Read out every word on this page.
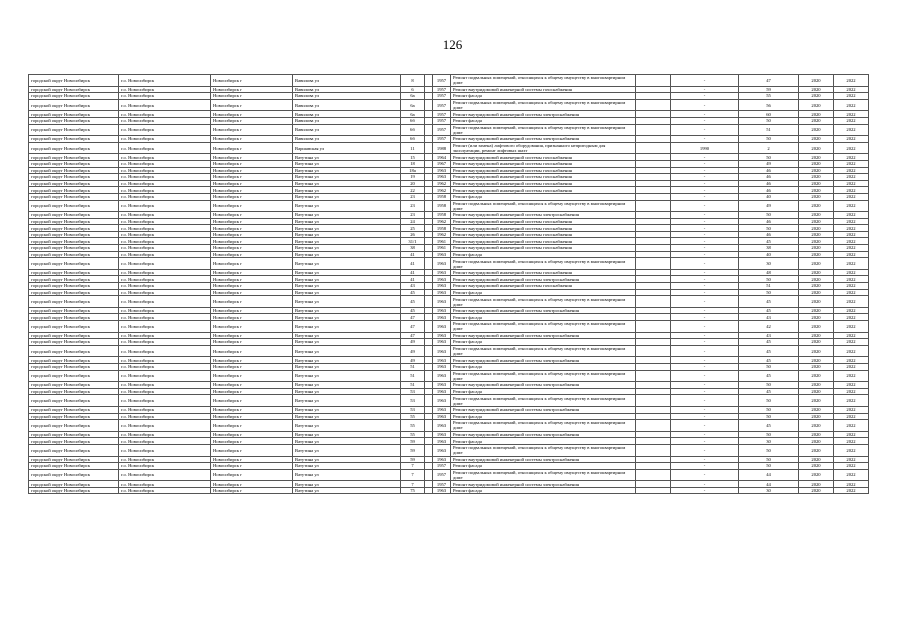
126
городской округ Новосибирск	г.о. Новосибирск	Новосибирск г	Вавилова ул	8		1957	Ремонт подвальных помещений, относящихся к общему имуществу в многоквартирном доме		-	47	2020	2022
городской округ Новосибирск	г.о. Новосибирск	Новосибирск г	Вавилова ул	6		1957	Ремонт внутридомовой инженерной системы газоснабжения		-	59	2020	2022
городской округ Новосибирск	г.о. Новосибирск	Новосибирск г	Вавилова ул	6а		1957	Ремонт фасада		-	55	2020	2022
городской округ Новосибирск	г.о. Новосибирск	Новосибирск г	Вавилова ул	6а		1957	Ремонт подвальных помещений, относящихся к общему имуществу в многоквартирном доме		-	56	2020	2022
городской округ Новосибирск	г.о. Новосибирск	Новосибирск г	Вавилова ул	6а		1957	Ремонт внутридомовой инженерной системы электроснабжения		-	60	2020	2022
городской округ Новосибирск	г.о. Новосибирск	Новосибирск г	Вавилова ул	6б		1957	Ремонт фасада		-	50	2020	2022
городской округ Новосибирск	г.о. Новосибирск	Новосибирск г	Вавилова ул	6б		1957	Ремонт подвальных помещений, относящихся к общему имуществу в многоквартирном доме		-	51	2020	2022
городской округ Новосибирск	г.о. Новосибирск	Новосибирск г	Вавилова ул	6б		1957	Ремонт внутридомовой инженерной системы электроснабжения		-	50	2020	2022
городской округ Новосибирск	г.о. Новосибирск	Новосибирск г	Варшавская ул	11		1988	Ремонт (или замена) лифтового оборудования, признанного непригодным для эксплуатации, ремонт лифтовых шахт		1990	2	2020	2022
городской округ Новосибирск	г.о. Новосибирск	Новосибирск г	Ватутина ул	15		1964	Ремонт внутридомовой инженерной системы газоснабжения		-	50	2020	2022
городской округ Новосибирск	г.о. Новосибирск	Новосибирск г	Ватутина ул	18		1967	Ремонт внутридомовой инженерной системы газоснабжения		-	49	2020	2022
городской округ Новосибирск	г.о. Новосибирск	Новосибирск г	Ватутина ул	18а		1963	Ремонт внутридомовой инженерной системы газоснабжения		-	46	2020	2022
городской округ Новосибирск	г.о. Новосибирск	Новосибирск г	Ватутина ул	19		1963	Ремонт внутридомовой инженерной системы газоснабжения		-	46	2020	2022
городской округ Новосибирск	г.о. Новосибирск	Новосибирск г	Ватутина ул	20		1962	Ремонт внутридомовой инженерной системы газоснабжения		-	46	2020	2022
городской округ Новосибирск	г.о. Новосибирск	Новосибирск г	Ватутина ул	22		1962	Ремонт внутридомовой инженерной системы газоснабжения		-	46	2020	2022
городской округ Новосибирск	г.о. Новосибирск	Новосибирск г	Ватутина ул	23		1958	Ремонт фасада		-	40	2020	2022
городской округ Новосибирск	г.о. Новосибирск	Новосибирск г	Ватутина ул	23		1958	Ремонт подвальных помещений, относящихся к общему имуществу в многоквартирном доме		-	49	2020	2022
городской округ Новосибирск	г.о. Новосибирск	Новосибирск г	Ватутина ул	23		1958	Ремонт внутридомовой инженерной системы электроснабжения		-	50	2020	2022
городской округ Новосибирск	г.о. Новосибирск	Новосибирск г	Ватутина ул	24		1962	Ремонт внутридомовой инженерной системы газоснабжения		-	46	2020	2022
городской округ Новосибирск	г.о. Новосибирск	Новосибирск г	Ватутина ул	25		1958	Ремонт внутридомовой инженерной системы газоснабжения		-	50	2020	2022
городской округ Новосибирск	г.о. Новосибирск	Новосибирск г	Ватутина ул	26		1962	Ремонт внутридомовой инженерной системы газоснабжения		-	46	2020	2022
городской округ Новосибирск	г.о. Новосибирск	Новосибирск г	Ватутина ул	31/1		1961	Ремонт внутридомовой инженерной системы газоснабжения		-	45	2020	2022
городской округ Новосибирск	г.о. Новосибирск	Новосибирск г	Ватутина ул	38		1961	Ремонт внутридомовой инженерной системы газоснабжения		-	38	2020	2022
городской округ Новосибирск	г.о. Новосибирск	Новосибирск г	Ватутина ул	41		1963	Ремонт фасада		-	40	2020	2022
городской округ Новосибирск	г.о. Новосибирск	Новосибирск г	Ватутина ул	41		1963	Ремонт подвальных помещений, относящихся к общему имуществу в многоквартирном доме		-	30	2020	2022
городской округ Новосибирск	г.о. Новосибирск	Новосибирск г	Ватутина ул	41		1963	Ремонт внутридомовой инженерной системы газоснабжения		-	48	2020	2022
городской округ Новосибирск	г.о. Новосибирск	Новосибирск г	Ватутина ул	41		1963	Ремонт внутридомовой инженерной системы электроснабжения		-	50	2020	2022
городской округ Новосибирск	г.о. Новосибирск	Новосибирск г	Ватутина ул	43		1963	Ремонт внутридомовой инженерной системы газоснабжения		-	51	2020	2022
городской округ Новосибирск	г.о. Новосибирск	Новосибирск г	Ватутина ул	45		1963	Ремонт фасада		-	50	2020	2022
городской округ Новосибирск	г.о. Новосибирск	Новосибирск г	Ватутина ул	45		1963	Ремонт подвальных помещений, относящихся к общему имуществу в многоквартирном доме		-	45	2020	2022
городской округ Новосибирск	г.о. Новосибирск	Новосибирск г	Ватутина ул	45		1963	Ремонт внутридомовой инженерной системы электроснабжения		-	45	2020	2022
городской округ Новосибирск	г.о. Новосибирск	Новосибирск г	Ватутина ул	47		1963	Ремонт фасада		-	43	2020	2022
городской округ Новосибирск	г.о. Новосибирск	Новосибирск г	Ватутина ул	47		1963	Ремонт подвальных помещений, относящихся к общему имуществу в многоквартирном доме		-	42	2020	2022
городской округ Новосибирск	г.о. Новосибирск	Новосибирск г	Ватутина ул	47		1963	Ремонт внутридомовой инженерной системы электроснабжения		-	43	2020	2022
городской округ Новосибирск	г.о. Новосибирск	Новосибирск г	Ватутина ул	49		1963	Ремонт фасада		-	45	2020	2022
городской округ Новосибирск	г.о. Новосибирск	Новосибирск г	Ватутина ул	49		1963	Ремонт подвальных помещений, относящихся к общему имуществу в многоквартирном доме		-	45	2020	2022
городской округ Новосибирск	г.о. Новосибирск	Новосибирск г	Ватутина ул	49		1963	Ремонт внутридомовой инженерной системы электроснабжения		-	45	2020	2022
городской округ Новосибирск	г.о. Новосибирск	Новосибирск г	Ватутина ул	51		1963	Ремонт фасада		-	50	2020	2022
городской округ Новосибирск	г.о. Новосибирск	Новосибирск г	Ватутина ул	51		1963	Ремонт подвальных помещений, относящихся к общему имуществу в многоквартирном доме		-	45	2020	2022
городской округ Новосибирск	г.о. Новосибирск	Новосибирск г	Ватутина ул	51		1963	Ремонт внутридомовой инженерной системы электроснабжения		-	50	2020	2022
городской округ Новосибирск	г.о. Новосибирск	Новосибирск г	Ватутина ул	53		1963	Ремонт фасада		-	45	2020	2022
городской округ Новосибирск	г.о. Новосибирск	Новосибирск г	Ватутина ул	53		1963	Ремонт подвальных помещений, относящихся к общему имуществу в многоквартирном доме		-	50	2020	2022
городской округ Новосибирск	г.о. Новосибирск	Новосибирск г	Ватутина ул	53		1963	Ремонт внутридомовой инженерной системы электроснабжения		-	50	2020	2022
городской округ Новосибирск	г.о. Новосибирск	Новосибирск г	Ватутина ул	55		1963	Ремонт фасада		-	50	2020	2022
городской округ Новосибирск	г.о. Новосибирск	Новосибирск г	Ватутина ул	55		1963	Ремонт подвальных помещений, относящихся к общему имуществу в многоквартирном доме		-	45	2020	2022
городской округ Новосибирск	г.о. Новосибирск	Новосибирск г	Ватутина ул	55		1963	Ремонт внутридомовой инженерной системы электроснабжения		-	50	2020	2022
городской округ Новосибирск	г.о. Новосибирск	Новосибирск г	Ватутина ул	59		1963	Ремонт фасада		-	30	2020	2022
городской округ Новосибирск	г.о. Новосибирск	Новосибирск г	Ватутина ул	59		1963	Ремонт подвальных помещений, относящихся к общему имуществу в многоквартирном доме		-	50	2020	2022
городской округ Новосибирск	г.о. Новосибирск	Новосибирск г	Ватутина ул	59		1963	Ремонт внутридомовой инженерной системы электроснабжения		-	50	2020	2022
городской округ Новосибирск	г.о. Новосибирск	Новосибирск г	Ватутина ул	7		1957	Ремонт фасада		-	50	2020	2022
городской округ Новосибирск	г.о. Новосибирск	Новосибирск г	Ватутина ул	7		1957	Ремонт подвальных помещений, относящихся к общему имуществу в многоквартирном доме		-	44	2020	2022
городской округ Новосибирск	г.о. Новосибирск	Новосибирск г	Ватутина ул	7		1957	Ремонт внутридомовой инженерной системы электроснабжения		-	44	2020	2022
городской округ Новосибирск	г.о. Новосибирск	Новосибирск г	Ватутина ул	75		1963	Ремонт фасада		-	30	2020	2022
